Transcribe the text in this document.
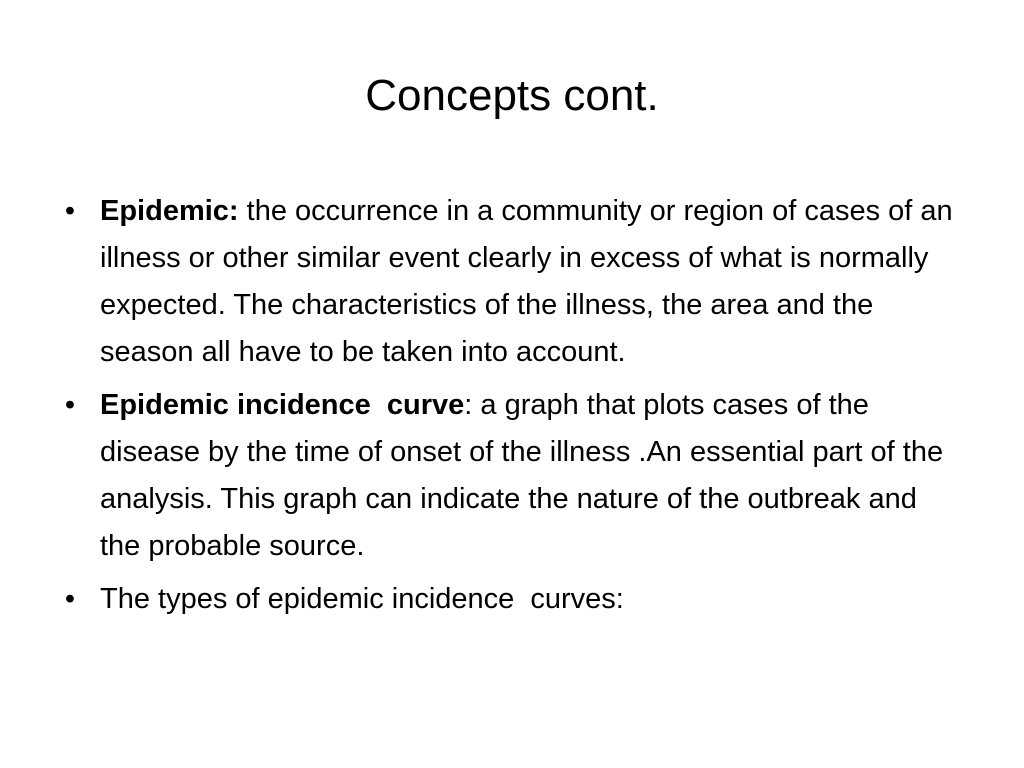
Concepts cont.
• Epidemic: the occurrence in a community or region of cases of an illness or other similar event clearly in excess of what is normally expected. The characteristics of the illness, the area and the season all have to be taken into account.
• Epidemic incidence  curve: a graph that plots cases of the disease by the time of onset of the illness .An essential part of the analysis. This graph can indicate the nature of the outbreak and the probable source.
• The types of epidemic incidence  curves:
